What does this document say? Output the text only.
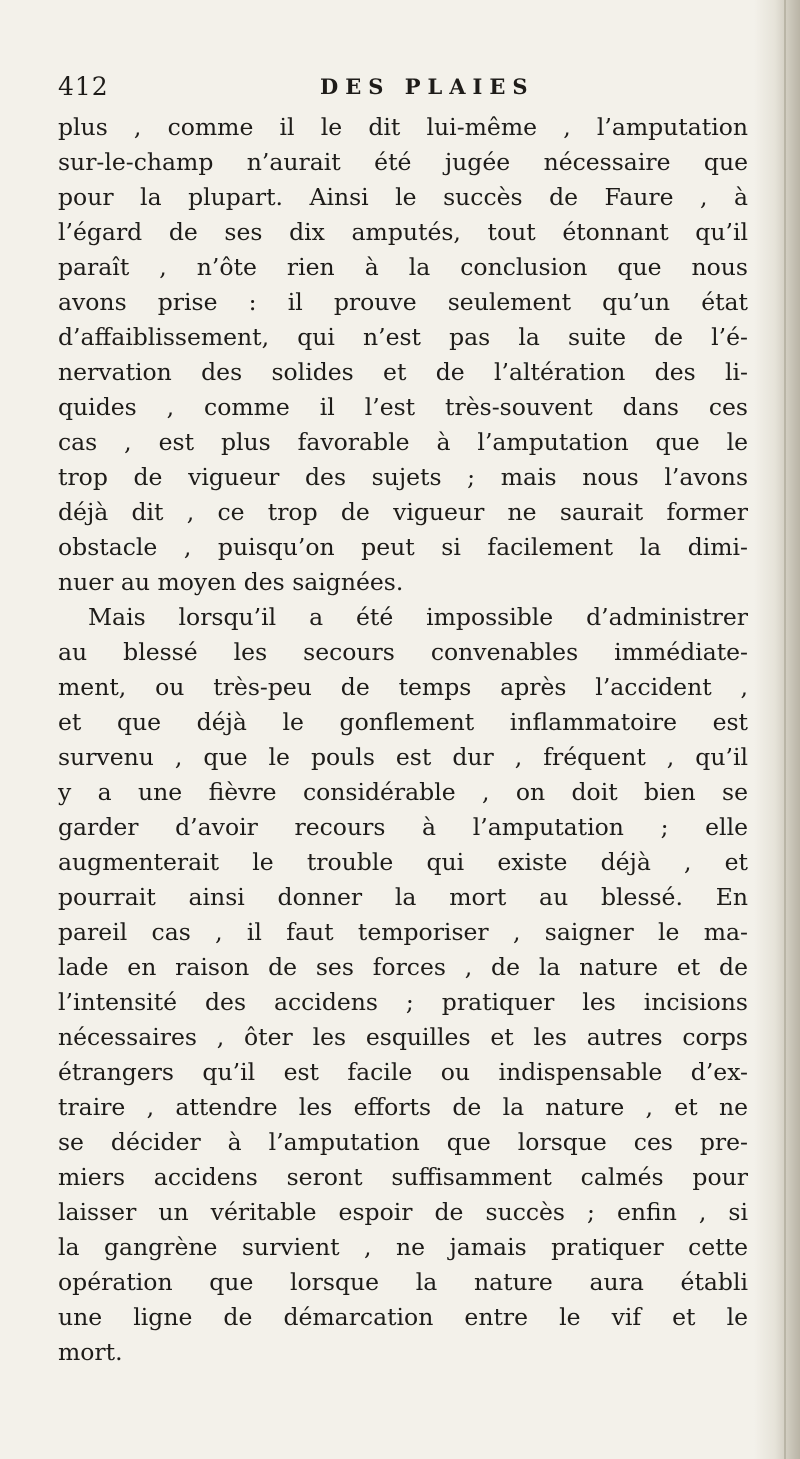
412	DES PLAIES
plus , comme il le dit lui-même , l’amputation
sur-le-champ n’aurait été jugée nécessaire que
pour la plupart. Ainsi le succès de Faure , à
l’égard de ses dix amputés, tout étonnant qu’il
paraît , n’ôte rien à la conclusion que nous
avons prise : il prouve seulement qu’un état
d’affaiblissement, qui n’est pas la suite de l’é-
nervation des solides et de l’altération des li-
quides , comme il l’est très-souvent dans ces
cas , est plus favorable à l’amputation que le
trop de vigueur des sujets ; mais nous l’avons
déjà dit , ce trop de vigueur ne saurait former
obstacle , puisqu’on peut si facilement la dimi-
nuer au moyen des saignées.
Mais lorsqu’il a été impossible d’administrer
au blessé les secours convenables immédiate-
ment, ou très-peu de temps après l’accident ,
et que déjà le gonflement inflammatoire est
survenu , que le pouls est dur , fréquent , qu’il
y a une fièvre considérable , on doit bien se
garder d’avoir recours à l’amputation ; elle
augmenterait le trouble qui existe déjà , et
pourrait ainsi donner la mort au blessé. En
pareil cas , il faut temporiser , saigner le ma-
lade en raison de ses forces , de la nature et de
l’intensité des accidens ; pratiquer les incisions
nécessaires , ôter les esquilles et les autres corps
étrangers qu’il est facile ou indispensable d’ex-
traire , attendre les efforts de la nature , et ne
se décider à l’amputation que lorsque ces pre-
miers accidens seront suffisamment calmés pour
laisser un véritable espoir de succès ; enfin , si
la gangrène survient , ne jamais pratiquer cette
opération que lorsque la nature aura établi
une ligne de démarcation entre le vif et le
mort.
